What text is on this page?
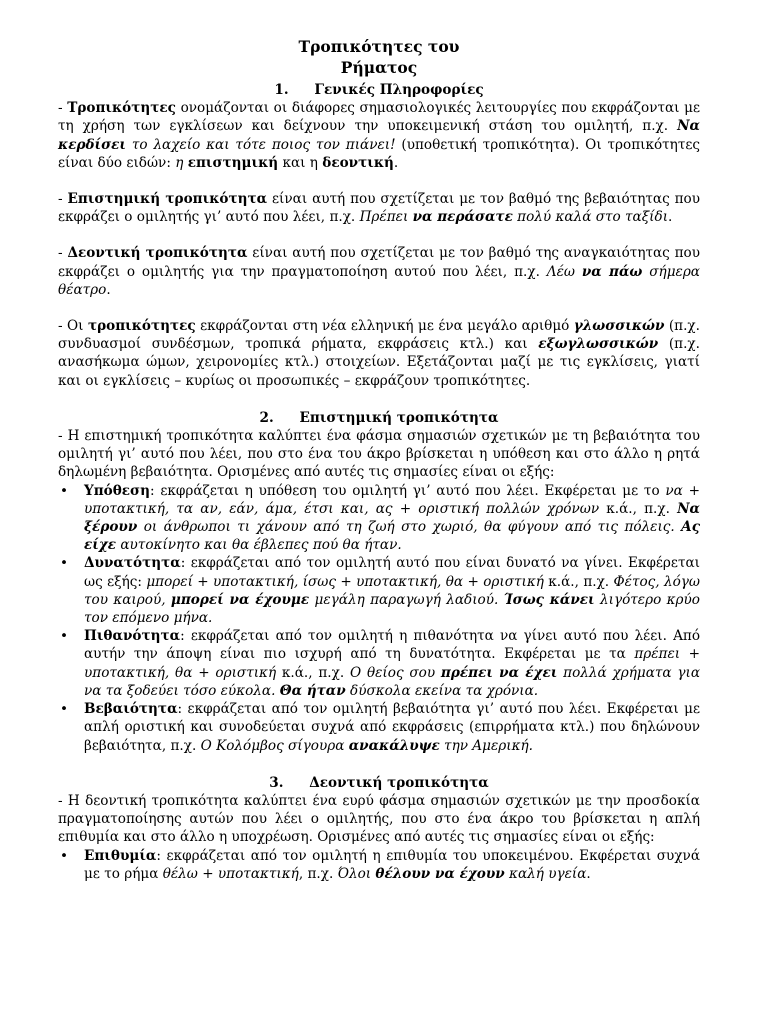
Τροπικότητες του
Ρήματος
1. Γενικές Πληροφορίες

- Τροπικότητες ονομάζονται οι διάφορες σημασιολογικές λειτουργίες που εκφράζονται με τη χρήση των εγκλίσεων και δείχνουν την υποκειμενική στάση του ομιλητή, π.χ. Να κερδίσει το λαχείο και τότε ποιος τον πιάνει! (υποθετική τροπικότητα). Οι τροπικότητες είναι δύο ειδών: η επιστημική και η δεοντική.

- Επιστημική τροπικότητα είναι αυτή που σχετίζεται με τον βαθμό της βεβαιότητας που εκφράζει ο ομιλητής γι’ αυτό που λέει, π.χ. Πρέπει να περάσατε πολύ καλά στο ταξίδι.

- Δεοντική τροπικότητα είναι αυτή που σχετίζεται με τον βαθμό της αναγκαιότητας που εκφράζει ο ομιλητής για την πραγματοποίηση αυτού που λέει, π.χ. Λέω να πάω σήμερα θέατρο.

- Οι τροπικότητες εκφράζονται στη νέα ελληνική με ένα μεγάλο αριθμό γλωσσικών (π.χ. συνδυασμοί συνδέσμων, τροπικά ρήματα, εκφράσεις κτλ.) και εξωγλωσσικών (π.χ. ανασήκωμα ώμων, χειρονομίες κτλ.) στοιχείων. Εξετάζονται μαζί με τις εγκλίσεις, γιατί και οι εγκλίσεις – κυρίως οι προσωπικές – εκφράζουν τροπικότητες.

2. Επιστημική τροπικότητα

- Η επιστημική τροπικότητα καλύπτει ένα φάσμα σημασιών σχετικών με τη βεβαιότητα του ομιλητή γι’ αυτό που λέει, που στο ένα του άκρο βρίσκεται η υπόθεση και στο άλλο η ρητά δηλωμένη βεβαιότητα. Ορισμένες από αυτές τις σημασίες είναι οι εξής:

• Υπόθεση: εκφράζεται η υπόθεση του ομιλητή γι’ αυτό που λέει. Εκφέρεται με το να + υποτακτική, τα αν, εάν, άμα, έτσι και, ας + οριστική πολλών χρόνων κ.ά., π.χ. Να ξέρουν οι άνθρωποι τι χάνουν από τη ζωή στο χωριό, θα φύγουν από τις πόλεις. Ας είχε αυτοκίνητο και θα έβλεπες πού θα ήταν.
• Δυνατότητα: εκφράζεται από τον ομιλητή αυτό που είναι δυνατό να γίνει. Εκφέρεται ως εξής: μπορεί + υποτακτική, ίσως + υποτακτική, θα + οριστική κ.ά., π.χ. Φέτος, λόγω του καιρού, μπορεί να έχουμε μεγάλη παραγωγή λαδιού. Ίσως κάνει λιγότερο κρύο τον επόμενο μήνα.
• Πιθανότητα: εκφράζεται από τον ομιλητή η πιθανότητα να γίνει αυτό που λέει. Από αυτήν την άποψη είναι πιο ισχυρή από τη δυνατότητα. Εκφέρεται με τα πρέπει + υποτακτική, θα + οριστική κ.ά., π.χ. Ο θείος σου πρέπει να έχει πολλά χρήματα για να τα ξοδεύει τόσο εύκολα. Θα ήταν δύσκολα εκείνα τα χρόνια.
• Βεβαιότητα: εκφράζεται από τον ομιλητή βεβαιότητα γι’ αυτό που λέει. Εκφέρεται με απλή οριστική και συνοδεύεται συχνά από εκφράσεις (επιρρήματα κτλ.) που δηλώνουν βεβαιότητα, π.χ. Ο Κολόμβος σίγουρα ανακάλυψε την Αμερική.
3. Δεοντική τροπικότητα

- Η δεοντική τροπικότητα καλύπτει ένα ευρύ φάσμα σημασιών σχετικών με την προσδοκία πραγματοποίησης αυτών που λέει ο ομιλητής, που στο ένα άκρο του βρίσκεται η απλή επιθυμία και στο άλλο η υποχρέωση. Ορισμένες από αυτές τις σημασίες είναι οι εξής:

• Επιθυμία: εκφράζεται από τον ομιλητή η επιθυμία του υποκειμένου. Εκφέρεται συχνά με το ρήμα θέλω + υποτακτική, π.χ. Όλοι θέλουν να έχουν καλή υγεία.
